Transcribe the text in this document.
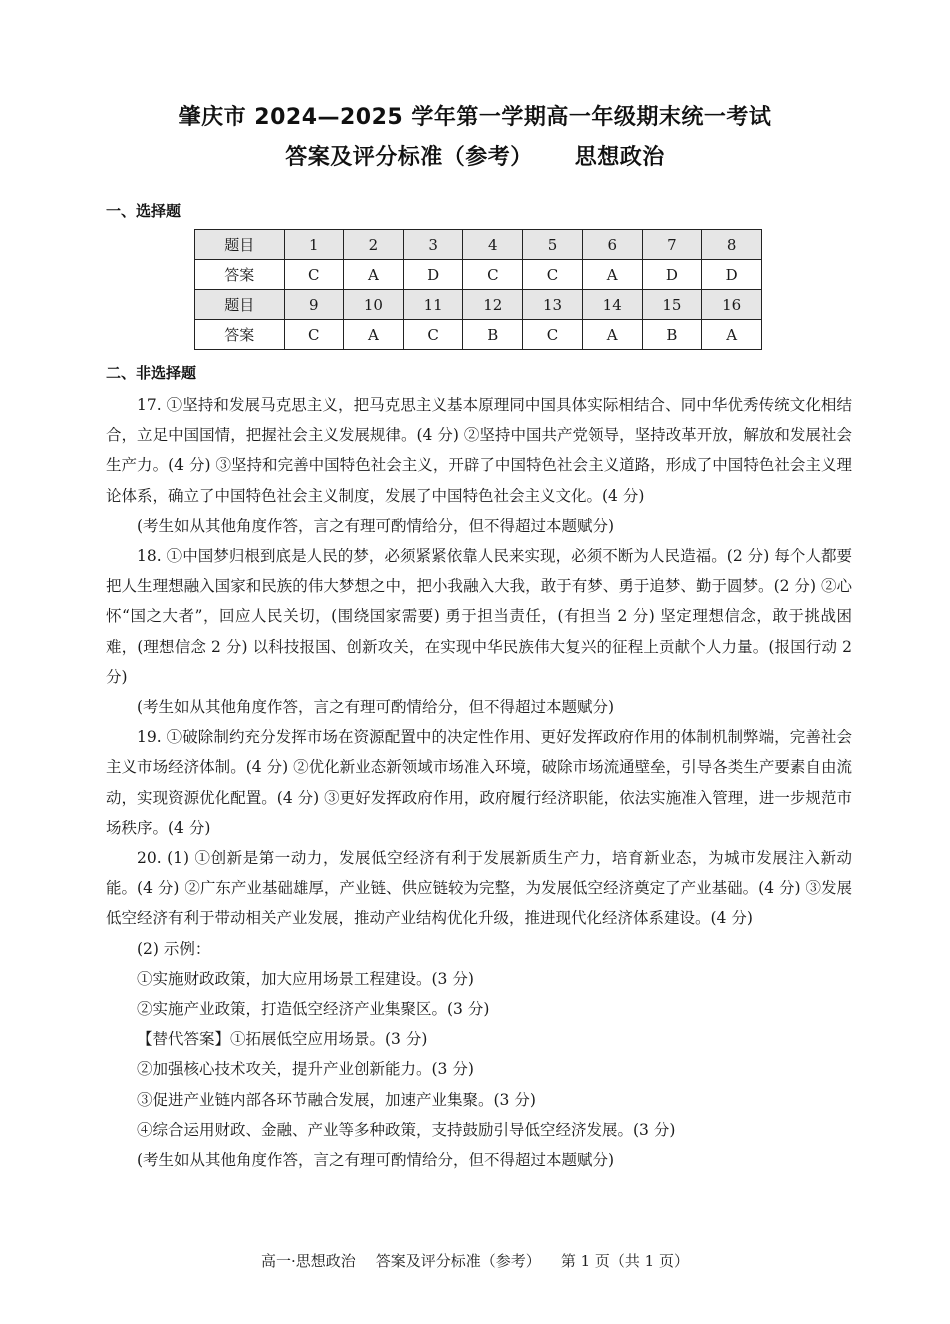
肇庆市 2024—2025 学年第一学期高一年级期末统一考试
答案及评分标准（参考） 思想政治
一、选择题
题目	1	2	3	4	5	6	7	8
答案	C	A	D	C	C	A	D	D
题目	9	10	11	12	13	14	15	16
答案	C	A	C	B	C	A	B	A
二、非选择题

17. ①坚持和发展马克思主义，把马克思主义基本原理同中国具体实际相结合、同中华优秀传统文化相结合，立足中国国情，把握社会主义发展规律。(4 分) ②坚持中国共产党领导，坚持改革开放，解放和发展社会生产力。(4 分) ③坚持和完善中国特色社会主义，开辟了中国特色社会主义道路，形成了中国特色社会主义理论体系，确立了中国特色社会主义制度，发展了中国特色社会主义文化。(4 分)

(考生如从其他角度作答，言之有理可酌情给分，但不得超过本题赋分)

18. ①中国梦归根到底是人民的梦，必须紧紧依靠人民来实现，必须不断为人民造福。(2 分) 每个人都要把人生理想融入国家和民族的伟大梦想之中，把小我融入大我，敢于有梦、勇于追梦、勤于圆梦。(2 分) ②心怀“国之大者”，回应人民关切，(围绕国家需要) 勇于担当责任，(有担当 2 分) 坚定理想信念，敢于挑战困难，(理想信念 2 分) 以科技报国、创新攻关，在实现中华民族伟大复兴的征程上贡献个人力量。(报国行动 2 分)

(考生如从其他角度作答，言之有理可酌情给分，但不得超过本题赋分)

19. ①破除制约充分发挥市场在资源配置中的决定性作用、更好发挥政府作用的体制机制弊端，完善社会主义市场经济体制。(4 分) ②优化新业态新领域市场准入环境，破除市场流通壁垒，引导各类生产要素自由流动，实现资源优化配置。(4 分) ③更好发挥政府作用，政府履行经济职能，依法实施准入管理，进一步规范市场秩序。(4 分)

20. (1) ①创新是第一动力，发展低空经济有利于发展新质生产力，培育新业态，为城市发展注入新动能。(4 分) ②广东产业基础雄厚，产业链、供应链较为完整，为发展低空经济奠定了产业基础。(4 分) ③发展低空经济有利于带动相关产业发展，推动产业结构优化升级，推进现代化经济体系建设。(4 分)

(2) 示例：

①实施财政政策，加大应用场景工程建设。(3 分)

②实施产业政策，打造低空经济产业集聚区。(3 分)

【替代答案】①拓展低空应用场景。(3 分)

②加强核心技术攻关，提升产业创新能力。(3 分)

③促进产业链内部各环节融合发展，加速产业集聚。(3 分)

④综合运用财政、金融、产业等多种政策，支持鼓励引导低空经济发展。(3 分)

(考生如从其他角度作答，言之有理可酌情给分，但不得超过本题赋分)

高一·思想政治 答案及评分标准（参考） 第 1 页（共 1 页）
